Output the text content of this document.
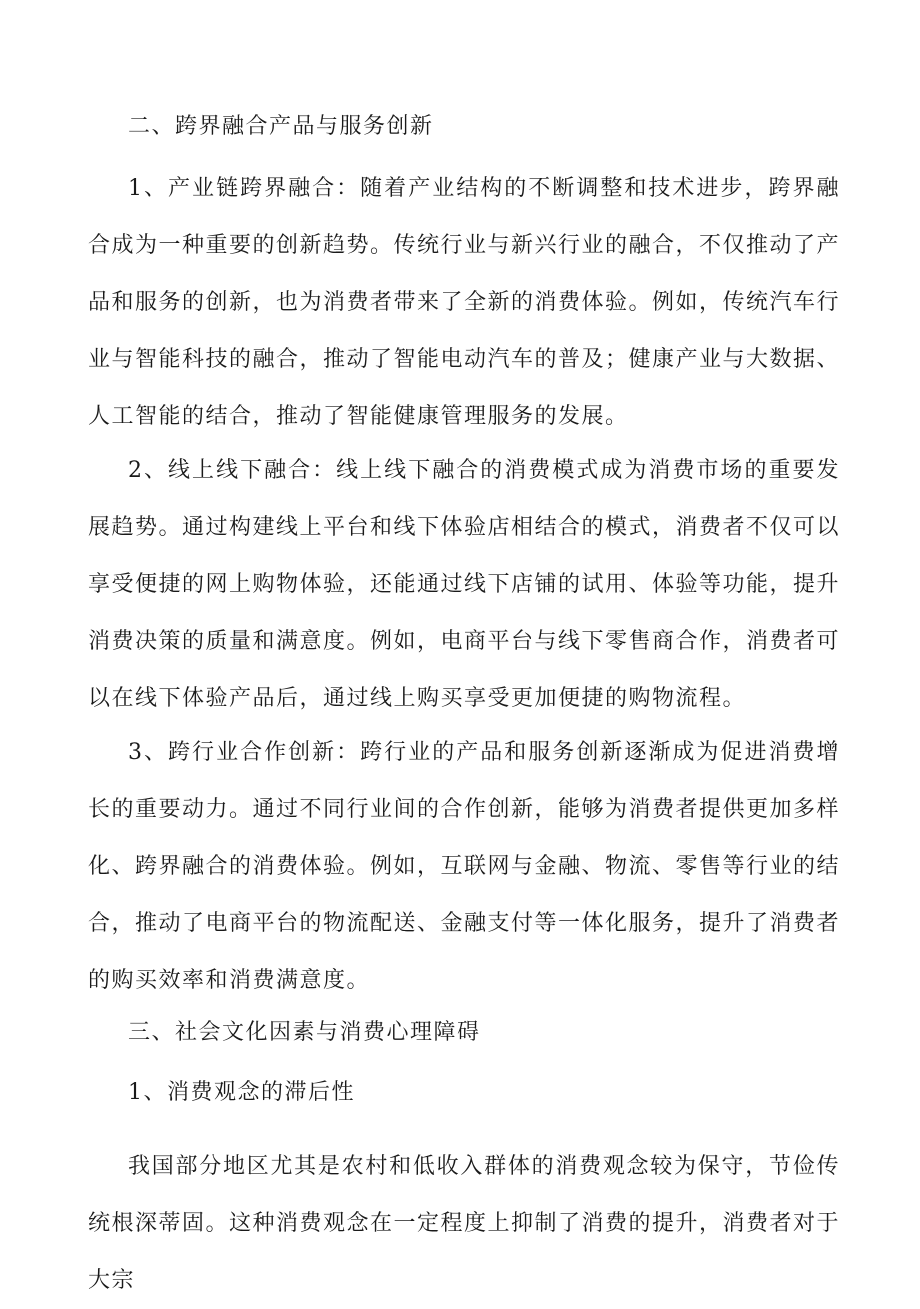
二、跨界融合产品与服务创新

1、产业链跨界融合：随着产业结构的不断调整和技术进步，跨界融合成为一种重要的创新趋势。传统行业与新兴行业的融合，不仅推动了产品和服务的创新，也为消费者带来了全新的消费体验。例如，传统汽车行业与智能科技的融合，推动了智能电动汽车的普及；健康产业与大数据、人工智能的结合，推动了智能健康管理服务的发展。

2、线上线下融合：线上线下融合的消费模式成为消费市场的重要发展趋势。通过构建线上平台和线下体验店相结合的模式，消费者不仅可以享受便捷的网上购物体验，还能通过线下店铺的试用、体验等功能，提升消费决策的质量和满意度。例如，电商平台与线下零售商合作，消费者可以在线下体验产品后，通过线上购买享受更加便捷的购物流程。

3、跨行业合作创新：跨行业的产品和服务创新逐渐成为促进消费增长的重要动力。通过不同行业间的合作创新，能够为消费者提供更加多样化、跨界融合的消费体验。例如，互联网与金融、物流、零售等行业的结合，推动了电商平台的物流配送、金融支付等一体化服务，提升了消费者的购买效率和消费满意度。

三、社会文化因素与消费心理障碍

1、消费观念的滞后性

我国部分地区尤其是农村和低收入群体的消费观念较为保守，节俭传统根深蒂固。这种消费观念在一定程度上抑制了消费的提升，消费者对于大宗
